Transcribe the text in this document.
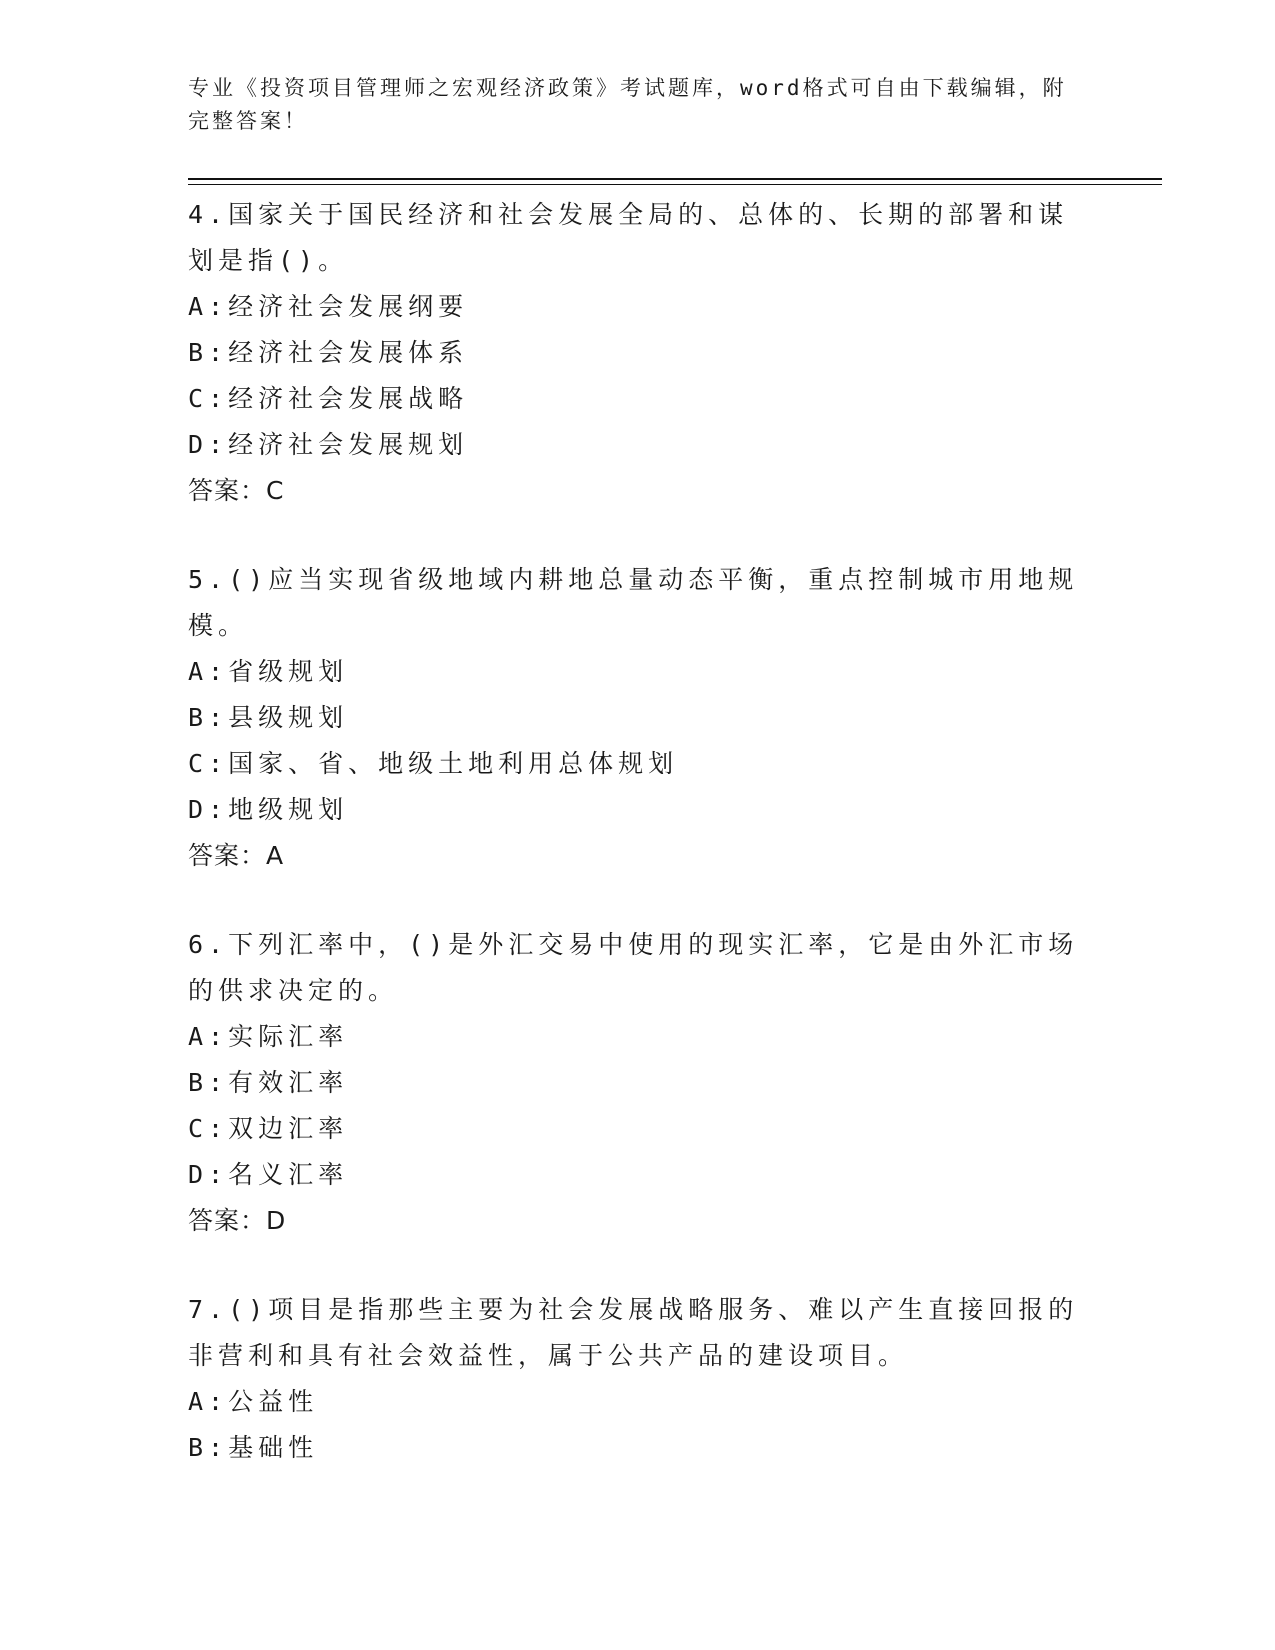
专业《投资项目管理师之宏观经济政策》考试题库，word格式可自由下载编辑，附完整答案！
4.国家关于国民经济和社会发展全局的、总体的、长期的部署和谋划是指()。
A:经济社会发展纲要
B:经济社会发展体系
C:经济社会发展战略
D:经济社会发展规划
答案：C
5.()应当实现省级地域内耕地总量动态平衡，重点控制城市用地规模。
A:省级规划
B:县级规划
C:国家、省、地级土地利用总体规划
D:地级规划
答案：A
6.下列汇率中，()是外汇交易中使用的现实汇率，它是由外汇市场的供求决定的。
A:实际汇率
B:有效汇率
C:双边汇率
D:名义汇率
答案：D
7.()项目是指那些主要为社会发展战略服务、难以产生直接回报的非营利和具有社会效益性，属于公共产品的建设项目。
A:公益性
B:基础性
